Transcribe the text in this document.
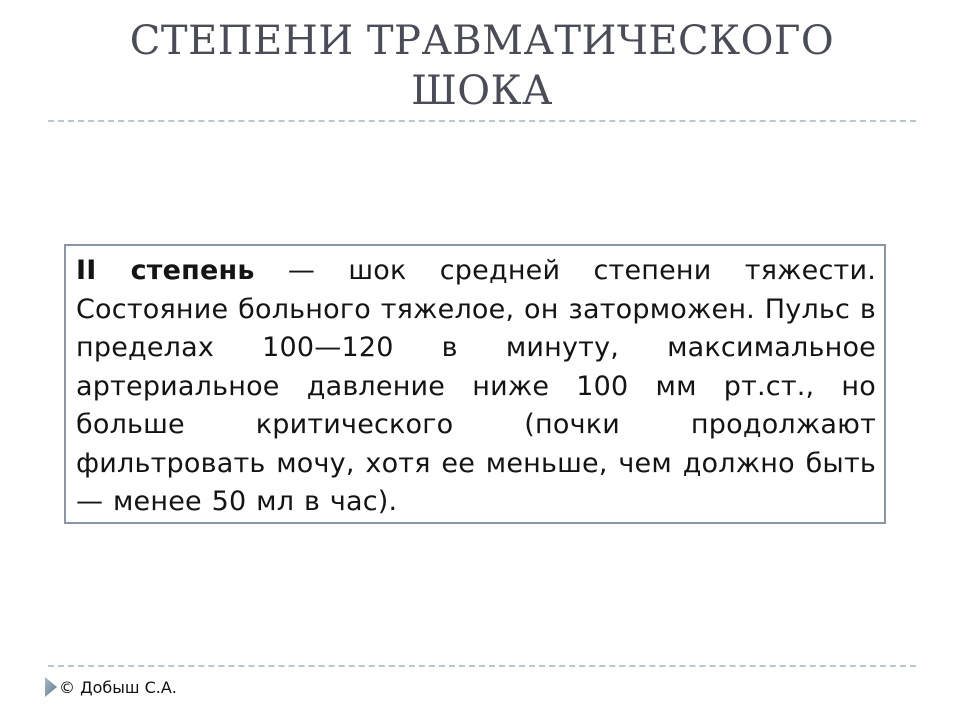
СТЕПЕНИ ТРАВМАТИЧЕСКОГО
ШОКА

II степень — шок средней степени тяжести. Состояние больного тяжелое, он заторможен. Пульс в пределах 100—120 в минуту, максимальное артериальное давление ниже 100 мм рт.ст., но больше критического (почки продолжают фильтровать мочу, хотя ее меньше, чем должно быть — менее 50 мл в час).

© Добыш С.А.
